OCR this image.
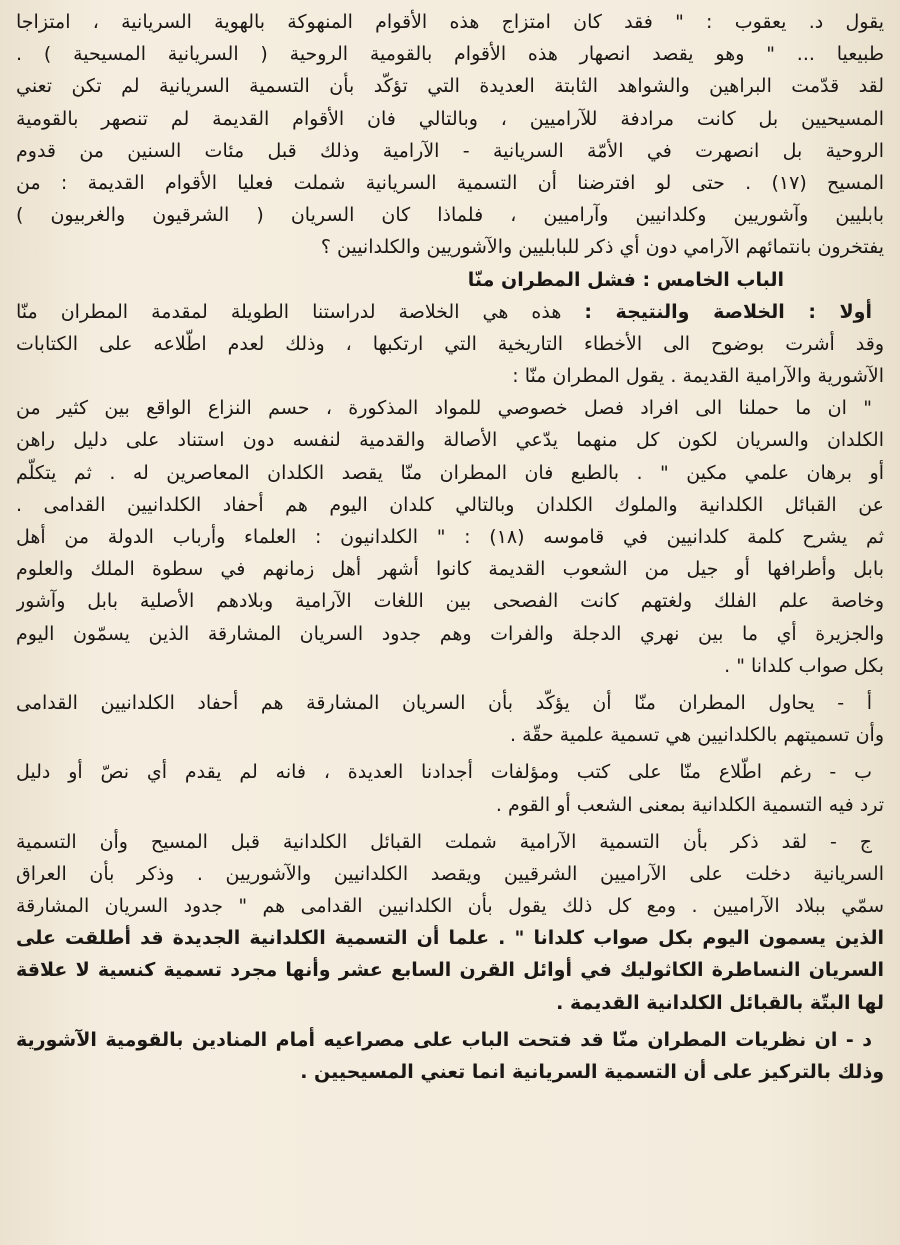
يقول د. يعقوب : " فقد كان امتزاج هذه الأقوام المنهوكة بالهوية السريانية ، امتزاجا
طبيعيا ... " وهو يقصد انصهار هذه الأقوام بالقومية الروحية ( السريانية المسيحية ) .
لقد قدّمت البراهين والشواهد الثابتة العديدة التي تؤكّد بأن التسمية السريانية لم تكن تعني
المسيحيين بل كانت مرادفة للآراميين ، وبالتالي فان الأقوام القديمة لم تنصهر بالقومية
الروحية بل انصهرت في الأمّة السريانية - الآرامية وذلك قبل مئات السنين من قدوم
المسيح (١٧) . حتى لو افترضنا أن التسمية السريانية شملت فعليا الأقوام القديمة : من
بابليين وآشوريين وكلدانيين وآراميين ، فلماذا كان السريان ( الشرقيون والغربيون )
يفتخرون بانتمائهم الآرامي دون أي ذكر للبابليين والآشوريين والكلدانيين ؟
الباب الخامس : فشل المطران منّا
أولا : الخلاصة والنتيجة : هذه هي الخلاصة لدراستنا الطويلة لمقدمة المطران منّا
وقد أشرت بوضوح الى الأخطاء التاريخية التي ارتكبها ، وذلك لعدم اطّلاعه على الكتابات
الآشورية والآرامية القديمة . يقول المطران منّا :
" ان ما حملنا الى افراد فصل خصوصي للمواد المذكورة ، حسم النزاع الواقع بين كثير من
الكلدان والسريان لكون كل منهما يدّعي الأصالة والقدمية لنفسه دون استناد على دليل راهن
أو برهان علمي مكين " . بالطبع فان المطران منّا يقصد الكلدان المعاصرين له . ثم يتكلّم
عن القبائل الكلدانية والملوك الكلدان وبالتالي كلدان اليوم هم أحفاد الكلدانيين القدامى .
ثم يشرح كلمة كلدانيين في قاموسه (١٨) : " الكلدانيون : العلماء وأرباب الدولة من أهل
بابل وأطرافها أو جيل من الشعوب القديمة كانوا أشهر أهل زمانهم في سطوة الملك والعلوم
وخاصة علم الفلك ولغتهم كانت الفصحى بين اللغات الآرامية وبلادهم الأصلية بابل وآشور
والجزيرة أي ما بين نهري الدجلة والفرات وهم جدود السريان المشارقة الذين يسمّون اليوم
بكل صواب كلدانا " .
أ - يحاول المطران منّا أن يؤكّد بأن السريان المشارقة هم أحفاد الكلدانيين القدامى
وأن تسميتهم بالكلدانيين هي تسمية علمية حقّة .
ب - رغم اطّلاع منّا على كتب ومؤلفات أجدادنا العديدة ، فانه لم يقدم أي نصّ أو دليل
ترد فيه التسمية الكلدانية بمعنى الشعب أو القوم .
ج - لقد ذكر بأن التسمية الآرامية شملت القبائل الكلدانية قبل المسيح وأن التسمية
السريانية دخلت على الآراميين الشرقيين ويقصد الكلدانيين والآشوريين . وذكر بأن العراق
سمّي ببلاد الآراميين . ومع كل ذلك يقول بأن الكلدانيين القدامى هم " جدود السريان المشارقة
الذين يسمون اليوم بكل صواب كلدانا " . علما أن التسمية الكلدانية الجديدة قد أطلقت على
السريان النساطرة الكاثوليك في أوائل القرن السابع عشر وأنها مجرد تسمية كنسية لا علاقة
لها البتّة بالقبائل الكلدانية القديمة .
د - ان نظريات المطران منّا قد فتحت الباب على مصراعيه أمام المنادين بالقومية الآشورية
وذلك بالتركيز على أن التسمية السريانية انما تعني المسيحيين .
